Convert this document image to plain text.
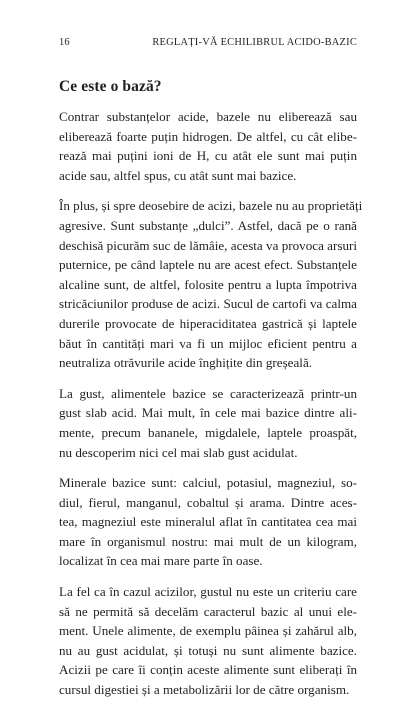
16	REGLAȚI-VĂ ECHILIBRUL ACIDO-BAZIC
Ce este o bază?

Contrar substanțelor acide, bazele nu eliberează sau
eliberează foarte puțin hidrogen. De altfel, cu cât elibe-
rează mai puțini ioni de H, cu atât ele sunt mai puțin
acide sau, altfel spus, cu atât sunt mai bazice.

În plus, și spre deosebire de acizi, bazele nu au proprietăți
agresive. Sunt substanțe „dulci”. Astfel, dacă pe o rană
deschisă picurăm suc de lămâie, acesta va provoca arsuri
puternice, pe când laptele nu are acest efect. Substanțele
alcaline sunt, de altfel, folosite pentru a lupta împotriva
stricăciunilor produse de acizi. Sucul de cartofi va calma
durerile provocate de hiperaciditatea gastrică și laptele
băut în cantități mari va fi un mijloc eficient pentru a
neutraliza otrăvurile acide înghițite din greșeală.

La gust, alimentele bazice se caracterizează printr-un
gust slab acid. Mai mult, în cele mai bazice dintre ali-
mente, precum bananele, migdalele, laptele proaspăt,
nu descoperim nici cel mai slab gust acidulat.

Minerale bazice sunt: calciul, potasiul, magneziul, so-
diul, fierul, manganul, cobaltul și arama. Dintre aces-
tea, magneziul este mineralul aflat în cantitatea cea mai
mare în organismul nostru: mai mult de un kilogram,
localizat în cea mai mare parte în oase.

La fel ca în cazul acizilor, gustul nu este un criteriu care
să ne permită să decelăm caracterul bazic al unui ele-
ment. Unele alimente, de exemplu pâinea și zahărul alb,
nu au gust acidulat, și totuși nu sunt alimente bazice.
Acizii pe care îi conțin aceste alimente sunt eliberați în
cursul digestiei și a metabolizării lor de către organism.
